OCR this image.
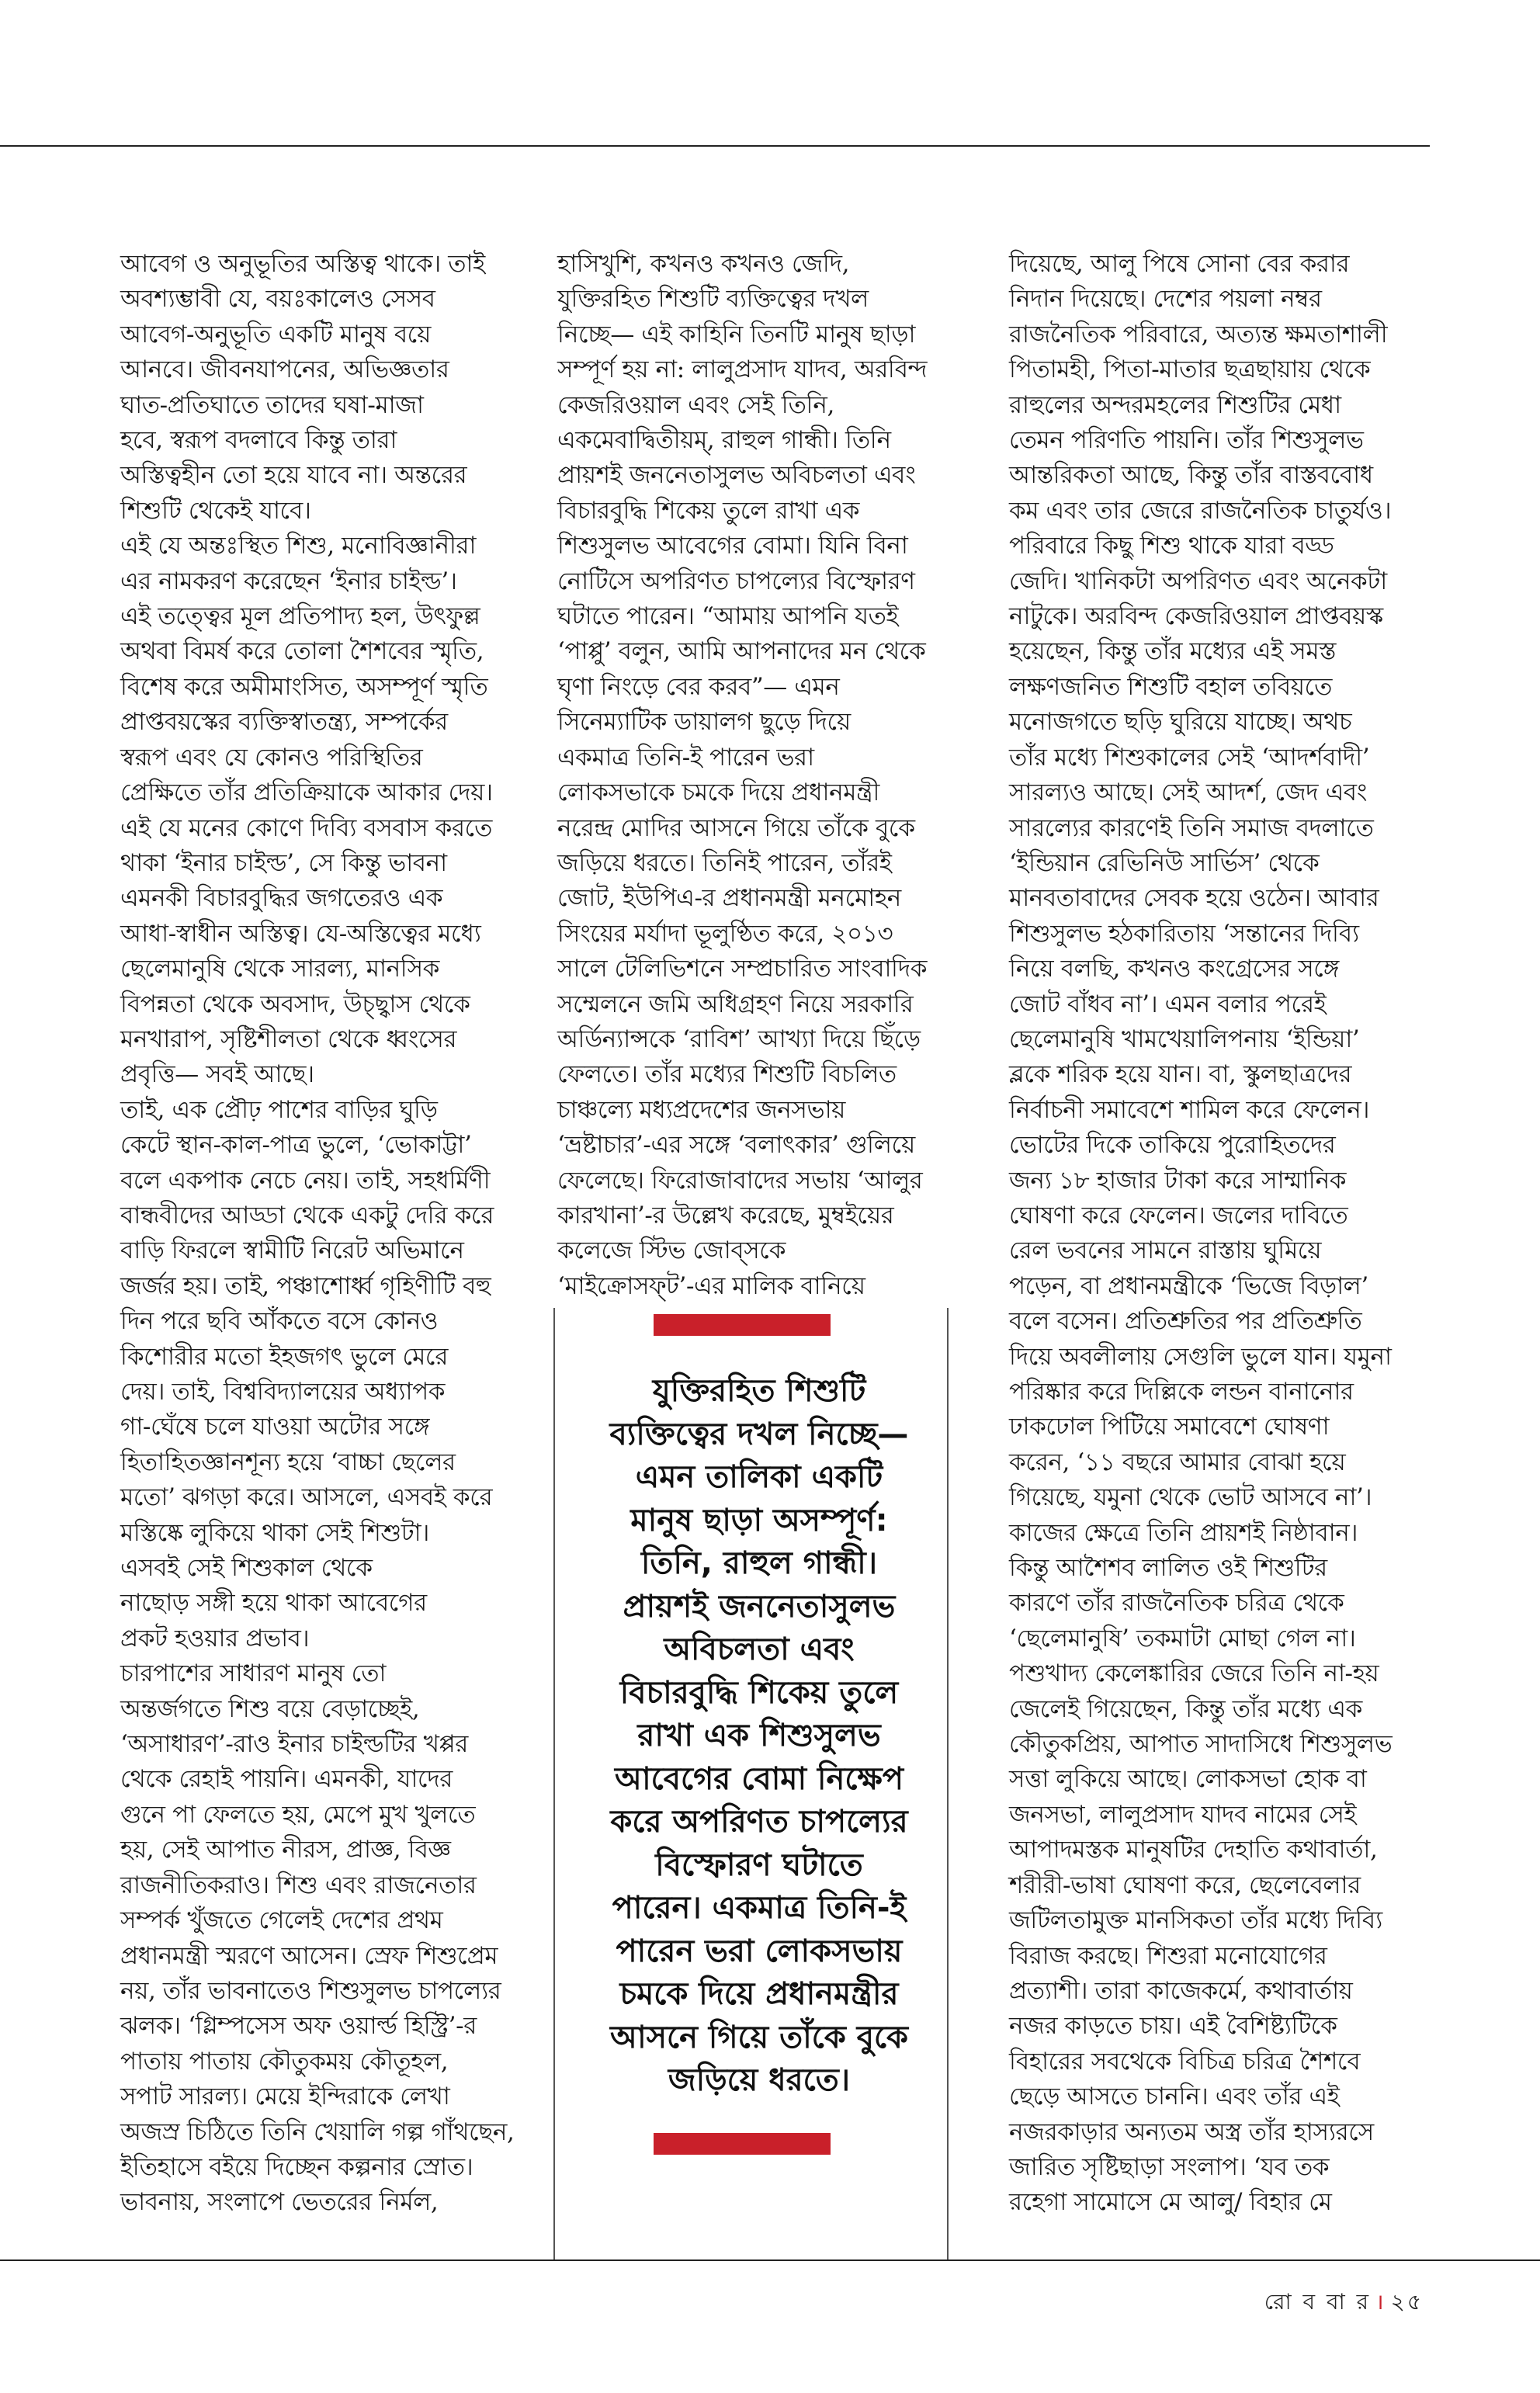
আবেগ ও অনুভূতির অস্তিত্ব থাকে। তাই
অবশ্যম্ভাবী যে, বয়ঃকালেও সেসব
আবেগ-অনুভূতি একটি মানুষ বয়ে
আনবে। জীবনযাপনের, অভিজ্ঞতার
ঘাত-প্রতিঘাতে তাদের ঘষা-মাজা
হবে, স্বরূপ বদলাবে কিন্তু তারা
অস্তিত্বহীন তো হয়ে যাবে না। অন্তরের
শিশুটি থেকেই যাবে।
এই যে অন্তঃস্থিত শিশু, মনোবিজ্ঞানীরা
এর নামকরণ করেছেন ‘ইনার চাইল্ড’।
এই তত্ত্বের মূল প্রতিপাদ্য হল, উৎফুল্ল
অথবা বিমর্ষ করে তোলা শৈশবের স্মৃতি,
বিশেষ করে অমীমাংসিত, অসম্পূর্ণ স্মৃতি
প্রাপ্তবয়স্কের ব্যক্তিস্বাতন্ত্র্য, সম্পর্কের
স্বরূপ এবং যে কোনও পরিস্থিতির
প্রেক্ষিতে তাঁর প্রতিক্রিয়াকে আকার দেয়।
এই যে মনের কোণে দিব্যি বসবাস করতে
থাকা ‘ইনার চাইল্ড’, সে কিন্তু ভাবনা
এমনকী বিচারবুদ্ধির জগতেরও এক
আধা-স্বাধীন অস্তিত্ব। যে-অস্তিত্বের মধ্যে
ছেলেমানুষি থেকে সারল্য, মানসিক
বিপন্নতা থেকে অবসাদ, উচ্ছ্বাস থেকে
মনখারাপ, সৃষ্টিশীলতা থেকে ধ্বংসের
প্রবৃত্তি— সবই আছে।
তাই, এক প্রৌঢ় পাশের বাড়ির ঘুড়ি
কেটে স্থান-কাল-পাত্র ভুলে, ‘ভোকাট্টা’
বলে একপাক নেচে নেয়। তাই, সহধর্মিণী
বান্ধবীদের আড্ডা থেকে একটু দেরি করে
বাড়ি ফিরলে স্বামীটি নিরেট অভিমানে
জর্জর হয়। তাই, পঞ্চাশোর্ধ্ব গৃহিণীটি বহু
দিন পরে ছবি আঁকতে বসে কোনও
কিশোরীর মতো ইহজগৎ ভুলে মেরে
দেয়। তাই, বিশ্ববিদ্যালয়ের অধ্যাপক
গা-ঘেঁষে চলে যাওয়া অটোর সঙ্গে
হিতাহিতজ্ঞানশূন্য হয়ে ‘বাচ্চা ছেলের
মতো’ ঝগড়া করে। আসলে, এসবই করে
মস্তিষ্কে লুকিয়ে থাকা সেই শিশুটা।
এসবই সেই শিশুকাল থেকে
নাছোড় সঙ্গী হয়ে থাকা আবেগের
প্রকট হওয়ার প্রভাব।
চারপাশের সাধারণ মানুষ তো
অন্তর্জগতে শিশু বয়ে বেড়াচ্ছেই,
‘অসাধারণ’-রাও ইনার চাইল্ডটির খপ্পর
থেকে রেহাই পায়নি। এমনকী, যাদের
গুনে পা ফেলতে হয়, মেপে মুখ খুলতে
হয়, সেই আপাত নীরস, প্রাজ্ঞ, বিজ্ঞ
রাজনীতিকরাও। শিশু এবং রাজনেতার
সম্পর্ক খুঁজতে গেলেই দেশের প্রথম
প্রধানমন্ত্রী স্মরণে আসেন। স্রেফ শিশুপ্রেম
নয়, তাঁর ভাবনাতেও শিশুসুলভ চাপল্যের
ঝলক। ‘গ্লিম্পসেস অফ ওয়ার্ল্ড হিস্ট্রি’-র
পাতায় পাতায় কৌতুকময় কৌতূহল,
সপাট সারল্য। মেয়ে ইন্দিরাকে লেখা
অজস্র চিঠিতে তিনি খেয়ালি গল্প গাঁথছেন,
ইতিহাসে বইয়ে দিচ্ছেন কল্পনার স্রোত।
ভাবনায়, সংলাপে ভেতরের নির্মল,

হাসিখুশি, কখনও কখনও জেদি,
যুক্তিরহিত শিশুটি ব্যক্তিত্বের দখল
নিচ্ছে— এই কাহিনি তিনটি মানুষ ছাড়া
সম্পূর্ণ হয় না: লালুপ্রসাদ যাদব, অরবিন্দ
কেজরিওয়াল এবং সেই তিনি,
একমেবাদ্বিতীয়ম্‌, রাহুল গান্ধী। তিনি
প্রায়শই জননেতাসুলভ অবিচলতা এবং
বিচারবুদ্ধি শিকেয় তুলে রাখা এক
শিশুসুলভ আবেগের বোমা। যিনি বিনা
নোটিসে অপরিণত চাপল্যের বিস্ফোরণ
ঘটাতে পারেন। “আমায় আপনি যতই
‘পাপ্পু’ বলুন, আমি আপনাদের মন থেকে
ঘৃণা নিংড়ে বের করব”— এমন
সিনেম্যাটিক ডায়ালগ ছুড়ে দিয়ে
একমাত্র তিনি-ই পারেন ভরা
লোকসভাকে চমকে দিয়ে প্রধানমন্ত্রী
নরেন্দ্র মোদির আসনে গিয়ে তাঁকে বুকে
জড়িয়ে ধরতে। তিনিই পারেন, তাঁরই
জোট, ইউপিএ-র প্রধানমন্ত্রী মনমোহন
সিংয়ের মর্যাদা ভূলুণ্ঠিত করে, ২০১৩
সালে টেলিভিশনে সম্প্রচারিত সাংবাদিক
সম্মেলনে জমি অধিগ্রহণ নিয়ে সরকারি
অর্ডিন্যান্সকে ‘রাবিশ’ আখ্যা দিয়ে ছিঁড়ে
ফেলতে। তাঁর মধ্যের শিশুটি বিচলিত
চাঞ্চল্যে মধ্যপ্রদেশের জনসভায়
‘ভ্রষ্টাচার’-এর সঙ্গে ‘বলাৎকার’ গুলিয়ে
ফেলেছে। ফিরোজাবাদের সভায় ‘আলুর
কারখানা’-র উল্লেখ করেছে, মুম্বইয়ের
কলেজে স্টিভ জোব্‌সকে
‘মাইক্রোসফ্‌ট’-এর মালিক বানিয়ে

দিয়েছে, আলু পিষে সোনা বের করার
নিদান দিয়েছে। দেশের পয়লা নম্বর
রাজনৈতিক পরিবারে, অত্যন্ত ক্ষমতাশালী
পিতামহী, পিতা-মাতার ছত্রছায়ায় থেকে
রাহুলের অন্দরমহলের শিশুটির মেধা
তেমন পরিণতি পায়নি। তাঁর শিশুসুলভ
আন্তরিকতা আছে, কিন্তু তাঁর বাস্তববোধ
কম এবং তার জেরে রাজনৈতিক চাতুর্যও।
পরিবারে কিছু শিশু থাকে যারা বড্ড
জেদি। খানিকটা অপরিণত এবং অনেকটা
নাটুকে। অরবিন্দ কেজরিওয়াল প্রাপ্তবয়স্ক
হয়েছেন, কিন্তু তাঁর মধ্যের এই সমস্ত
লক্ষণজনিত শিশুটি বহাল তবিয়তে
মনোজগতে ছড়ি ঘুরিয়ে যাচ্ছে। অথচ
তাঁর মধ্যে শিশুকালের সেই ‘আদর্শবাদী’
সারল্যও আছে। সেই আদর্শ, জেদ এবং
সারল্যের কারণেই তিনি সমাজ বদলাতে
‘ইন্ডিয়ান রেভিনিউ সার্ভিস’ থেকে
মানবতাবাদের সেবক হয়ে ওঠেন। আবার
শিশুসুলভ হঠকারিতায় ‘সন্তানের দিব্যি
নিয়ে বলছি, কখনও কংগ্রেসের সঙ্গে
জোট বাঁধব না’। এমন বলার পরেই
ছেলেমানুষি খামখেয়ালিপনায় ‘ইন্ডিয়া’
ব্লকে শরিক হয়ে যান। বা, স্কুলছাত্রদের
নির্বাচনী সমাবেশে শামিল করে ফেলেন।
ভোটের দিকে তাকিয়ে পুরোহিতদের
জন্য ১৮ হাজার টাকা করে সাম্মানিক
ঘোষণা করে ফেলেন। জলের দাবিতে
রেল ভবনের সামনে রাস্তায় ঘুমিয়ে
পড়েন, বা প্রধানমন্ত্রীকে ‘ভিজে বিড়াল’
বলে বসেন। প্রতিশ্রুতির পর প্রতিশ্রুতি
দিয়ে অবলীলায় সেগুলি ভুলে যান। যমুনা
পরিষ্কার করে দিল্লিকে লন্ডন বানানোর
ঢাকঢোল পিটিয়ে সমাবেশে ঘোষণা
করেন, ‘১১ বছরে আমার বোঝা হয়ে
গিয়েছে, যমুনা থেকে ভোট আসবে না’।
কাজের ক্ষেত্রে তিনি প্রায়শই নিষ্ঠাবান।
কিন্তু আশৈশব লালিত ওই শিশুটির
কারণে তাঁর রাজনৈতিক চরিত্র থেকে
‘ছেলেমানুষি’ তকমাটা মোছা গেল না।
পশুখাদ্য কেলেঙ্কারির জেরে তিনি না-হয়
জেলেই গিয়েছেন, কিন্তু তাঁর মধ্যে এক
কৌতুকপ্রিয়, আপাত সাদাসিধে শিশুসুলভ
সত্তা লুকিয়ে আছে। লোকসভা হোক বা
জনসভা, লালুপ্রসাদ যাদব নামের সেই
আপাদমস্তক মানুষটির দেহাতি কথাবার্তা,
শরীরী-ভাষা ঘোষণা করে, ছেলেবেলার
জটিলতামুক্ত মানসিকতা তাঁর মধ্যে দিব্যি
বিরাজ করছে। শিশুরা মনোযোগের
প্রত্যাশী। তারা কাজেকর্মে, কথাবার্তায়
নজর কাড়তে চায়। এই বৈশিষ্ট্যটিকে
বিহারের সবথেকে বিচিত্র চরিত্র শৈশবে
ছেড়ে আসতে চাননি। এবং তাঁর এই
নজরকাড়ার অন্যতম অস্ত্র তাঁর হাস্যরসে
জারিত সৃষ্টিছাড়া সংলাপ। ‘যব তক
রহেগা সামোসে মে আলু/ বিহার মে

যুক্তিরহিত শিশুটি
ব্যক্তিত্বের দখল নিচ্ছে—
এমন তালিকা একটি
মানুষ ছাড়া অসম্পূর্ণ:
তিনি, রাহুল গান্ধী।
প্রায়শই জননেতাসুলভ
অবিচলতা এবং
বিচারবুদ্ধি শিকেয় তুলে
রাখা এক শিশুসুলভ
আবেগের বোমা নিক্ষেপ
করে অপরিণত চাপল্যের
বিস্ফোরণ ঘটাতে
পারেন। একমাত্র তিনি-ই
পারেন ভরা লোকসভায়
চমকে দিয়ে প্রধানমন্ত্রীর
আসনে গিয়ে তাঁকে বুকে
জড়িয়ে ধরতে।

রো ব বা র । ২৫
